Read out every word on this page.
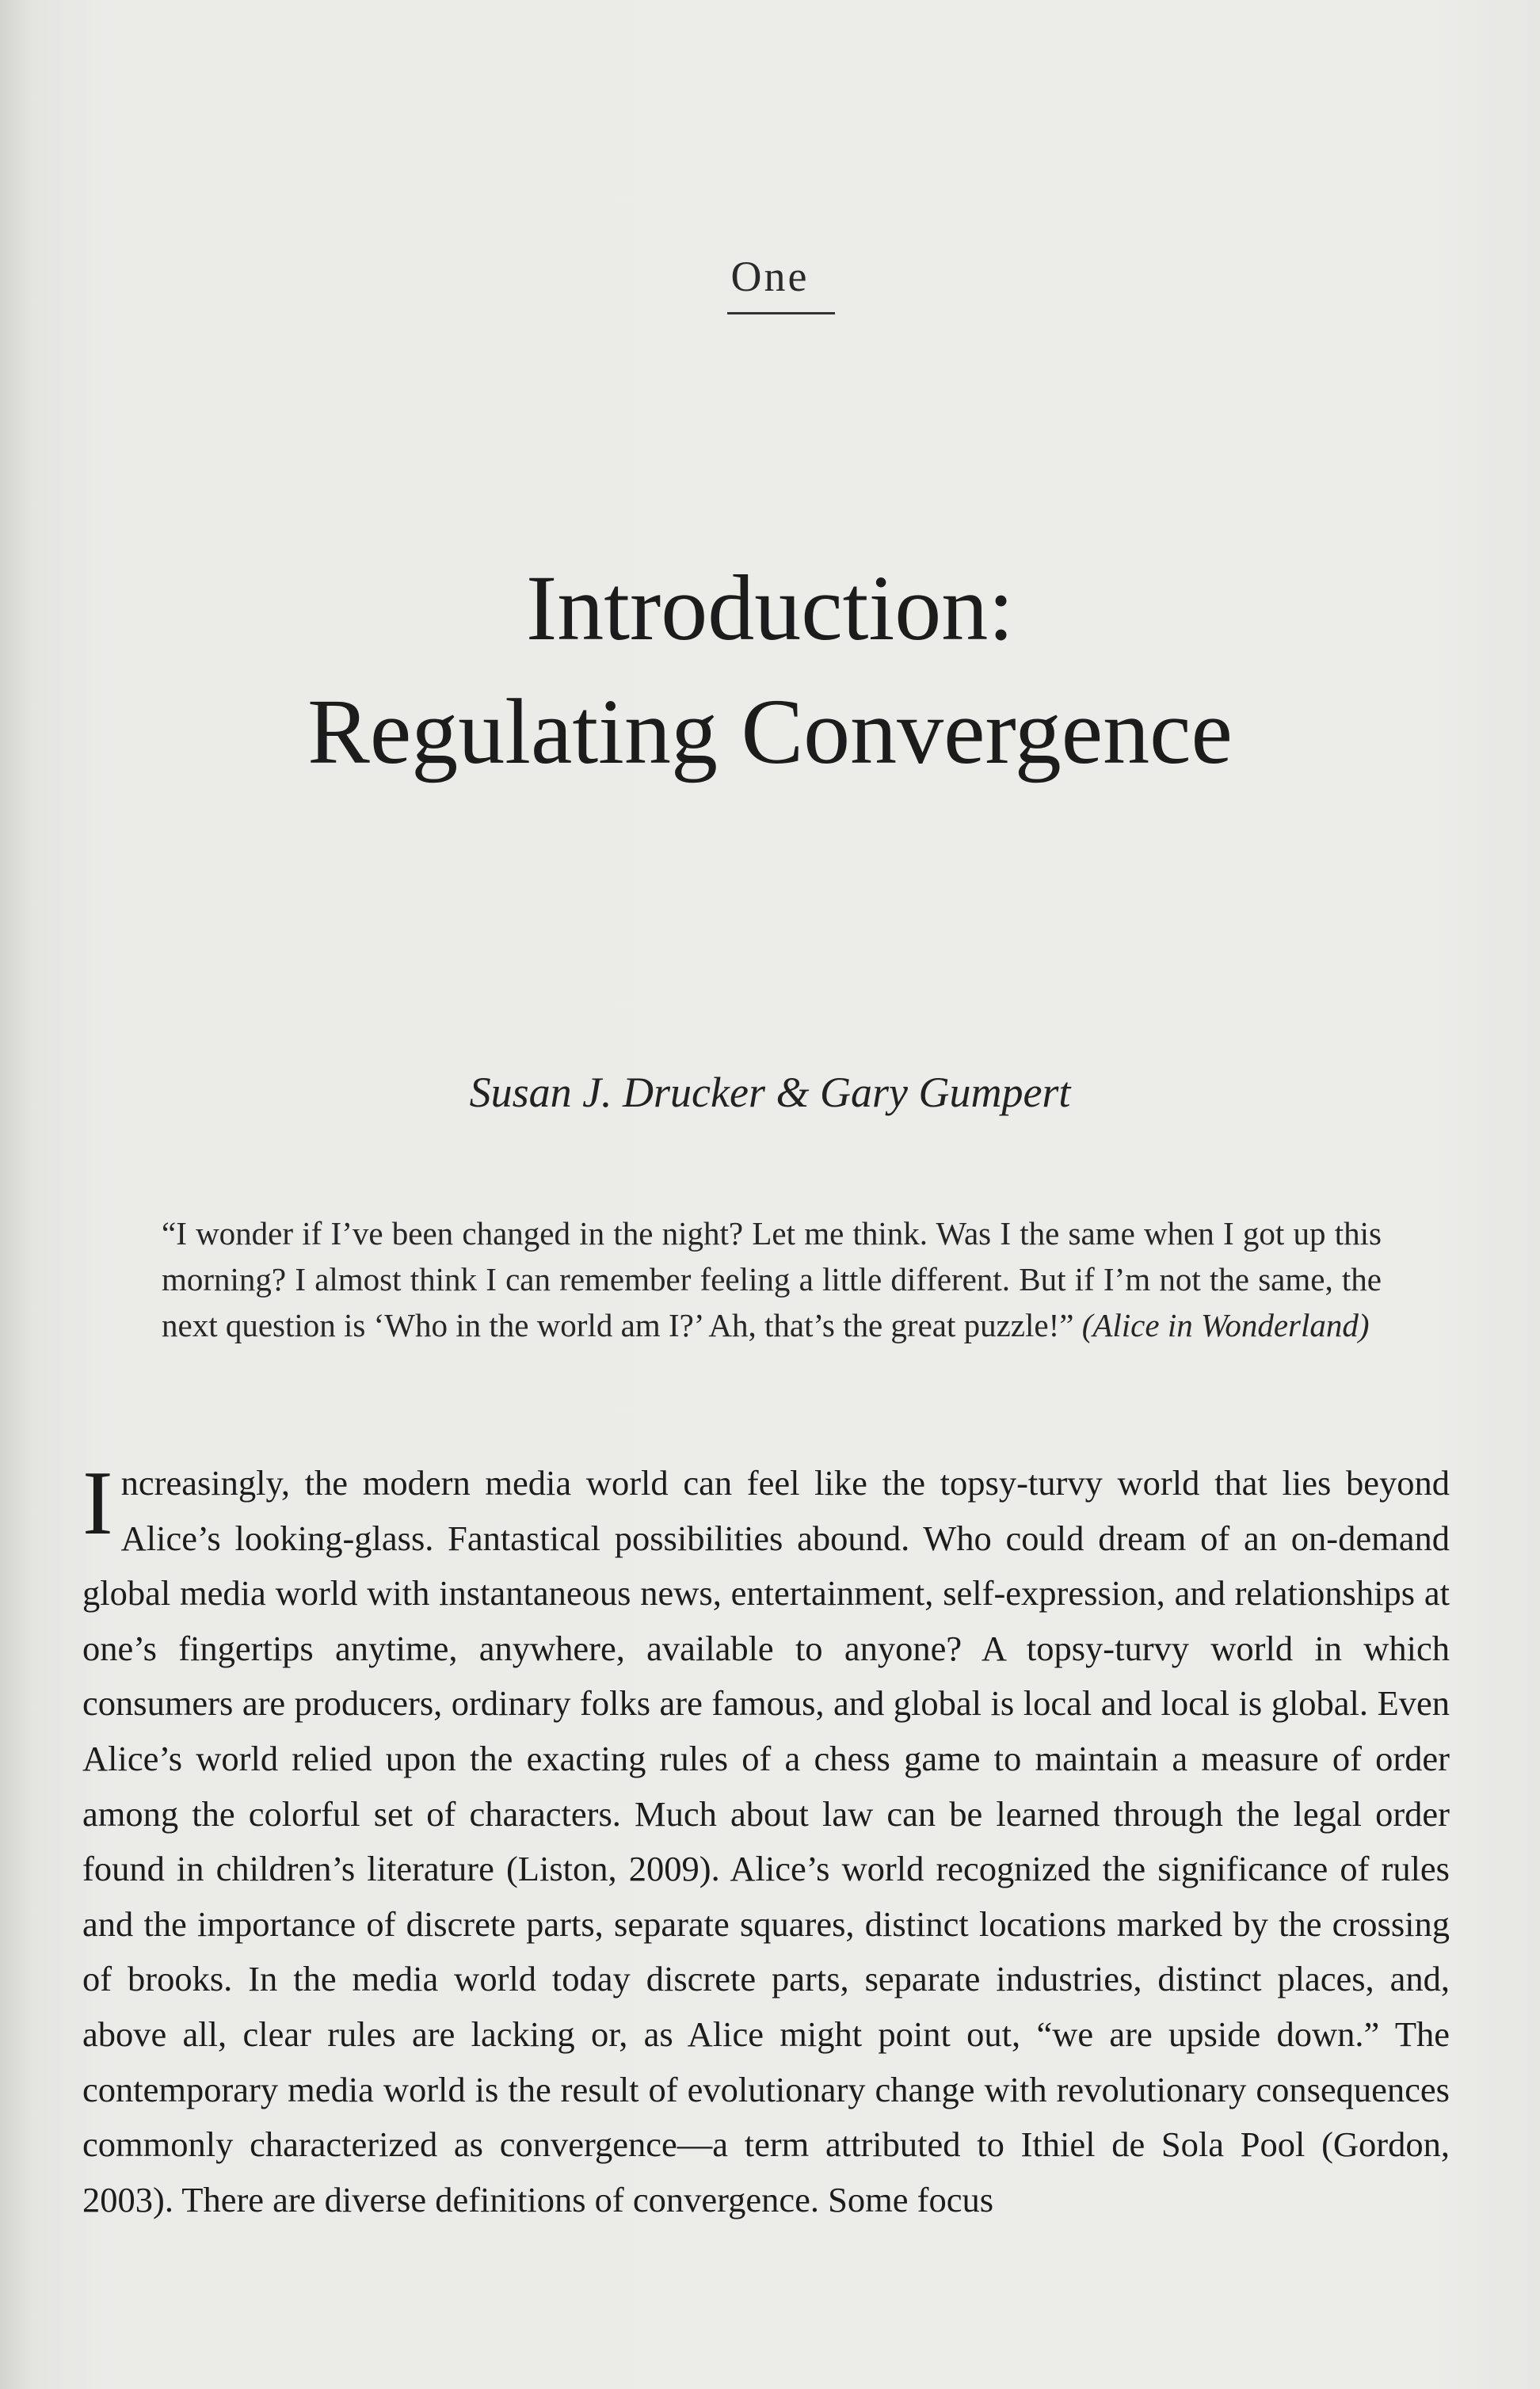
One
Introduction:
Regulating Convergence
Susan J. Drucker & Gary Gumpert
“I wonder if I’ve been changed in the night? Let me think. Was I the same when I got up this morning? I almost think I can remember feeling a little different. But if I’m not the same, the next question is ‘Who in the world am I?’ Ah, that’s the great puzzle!” (Alice in Wonderland)
Increasingly, the modern media world can feel like the topsy-turvy world that lies beyond Alice’s looking-glass. Fantastical possibilities abound. Who could dream of an on-demand global media world with instantaneous news, entertainment, self-expression, and relationships at one’s fingertips anytime, anywhere, available to anyone? A topsy-turvy world in which consumers are producers, ordinary folks are famous, and global is local and local is global. Even Alice’s world relied upon the exacting rules of a chess game to maintain a measure of order among the colorful set of characters. Much about law can be learned through the legal order found in children’s literature (Liston, 2009). Alice’s world recognized the significance of rules and the importance of discrete parts, separate squares, distinct locations marked by the crossing of brooks. In the media world today discrete parts, separate industries, distinct places, and, above all, clear rules are lacking or, as Alice might point out, “we are upside down.” The contemporary media world is the result of evolutionary change with revolutionary consequences commonly characterized as convergence—a term attributed to Ithiel de Sola Pool (Gordon, 2003). There are diverse definitions of convergence. Some focus
